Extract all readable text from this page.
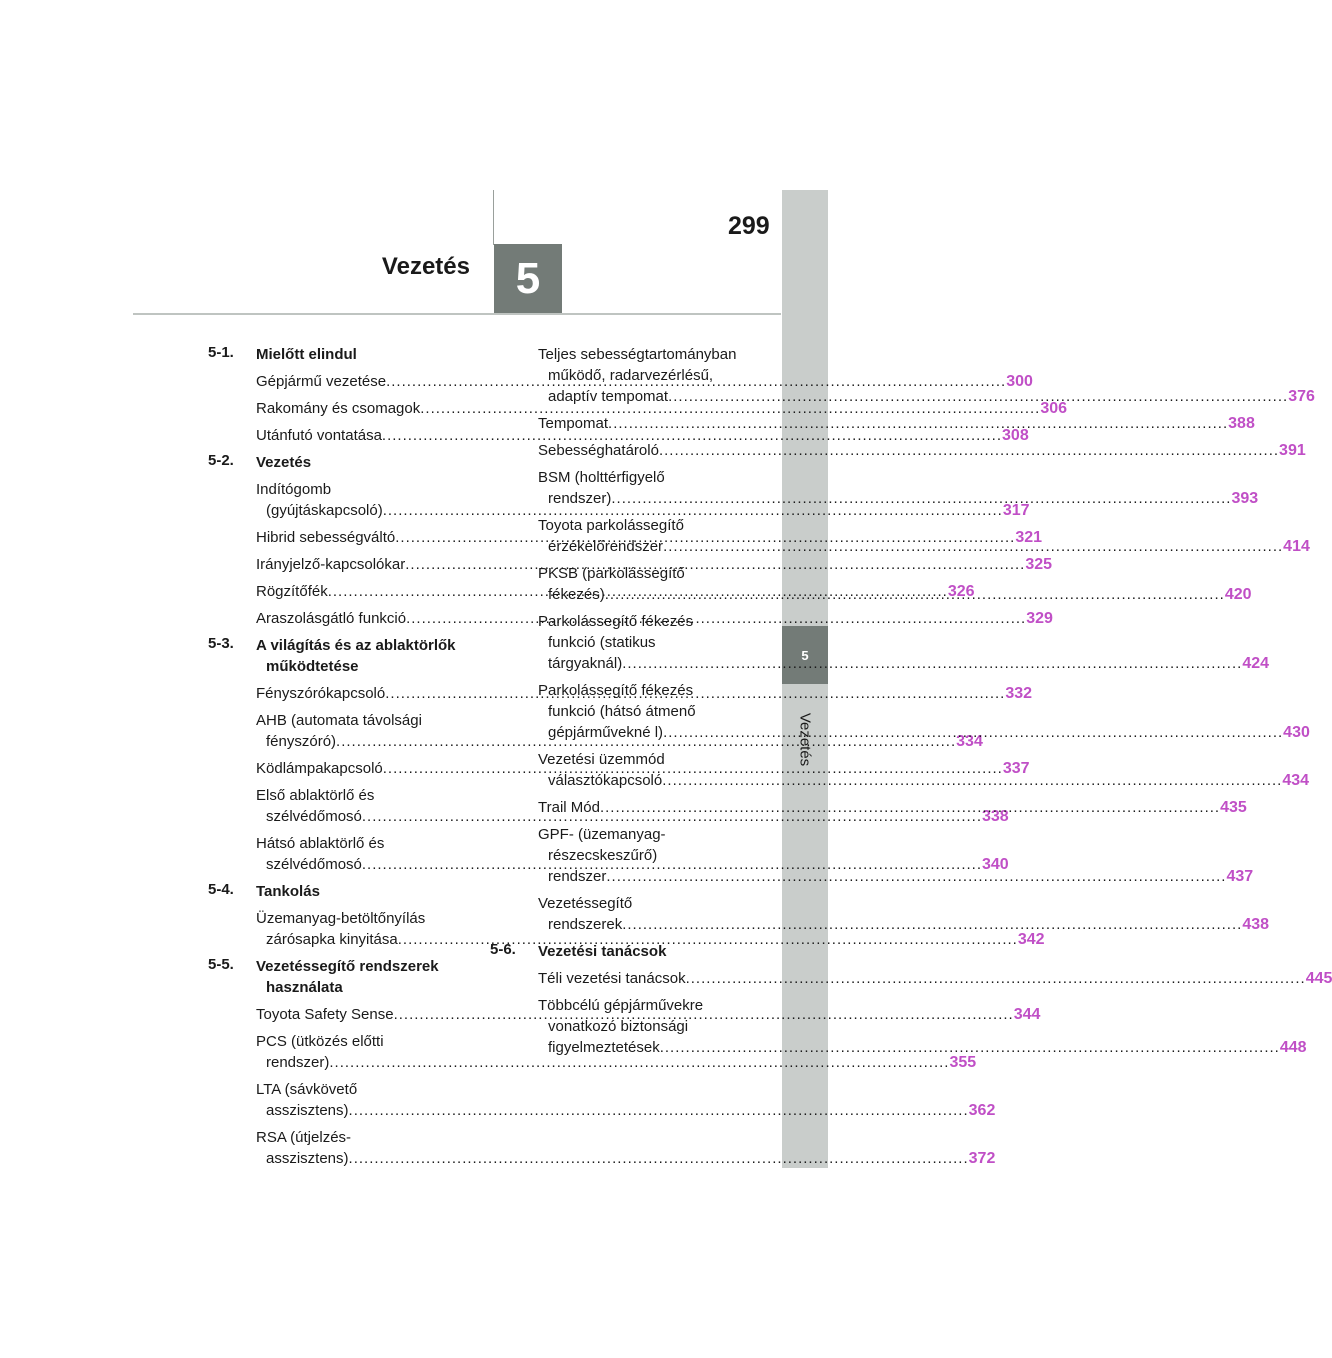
299
Vezetés	5
5
Vezetés
5-1.	Mielőtt elindul
Gépjármű vezetése .....	300
Rakomány és csomagok .....	306
Utánfutó vontatása .....	308
5-2.	Vezetés
Indítógomb
(gyújtáskapcsoló) .....	317
Hibrid sebességváltó .....	321
Irányjelző-kapcsolókar .....	325
Rögzítőfék .....	326
Araszolásgátló funkció .....	329
5-3.	A világítás és az ablaktörlők
működtetése
Fényszórókapcsoló .....	332
AHB (automata távolsági
fényszóró) .....	334
Ködlámpakapcsoló .....	337
Első ablaktörlő és
szélvédőmosó .....	338
Hátsó ablaktörlő és
szélvédőmosó .....	340
5-4.	Tankolás
Üzemanyag-betöltőnyílás
zárósapka kinyitása .....	342
5-5.	Vezetéssegítő rendszerek
használata
Toyota Safety Sense .....	344
PCS (ütközés előtti
rendszer) .....	355
LTA (sávkövető
asszisztens) .....	362
RSA (útjelzés-
asszisztens) .....	372
Teljes sebességtartományban
működő, radarvezérlésű,
adaptív tempomat .....	376
Tempomat .....	388
Sebességhatároló .....	391
BSM (holttérfigyelő
rendszer) .....	393
Toyota parkolássegítő
érzékelőrendszer .....	414
PKSB (parkolássegítő
fékezés) .....	420
Parkolássegítő fékezés
funkció (statikus
tárgyaknál) .....	424
Parkolássegítő fékezés
funkció (hátsó átmenő
gépjárművekné l) .....	430
Vezetési üzemmód
választókapcsoló .....	434
Trail Mód .....	435
GPF- (üzemanyag-
részecskeszűrő)
rendszer .....	437
Vezetéssegítő
rendszerek .....	438
5-6.	Vezetési tanácsok
Téli vezetési tanácsok .....	445
Többcélú gépjárművekre
vonatkozó biztonsági
figyelmeztetések .....	448
